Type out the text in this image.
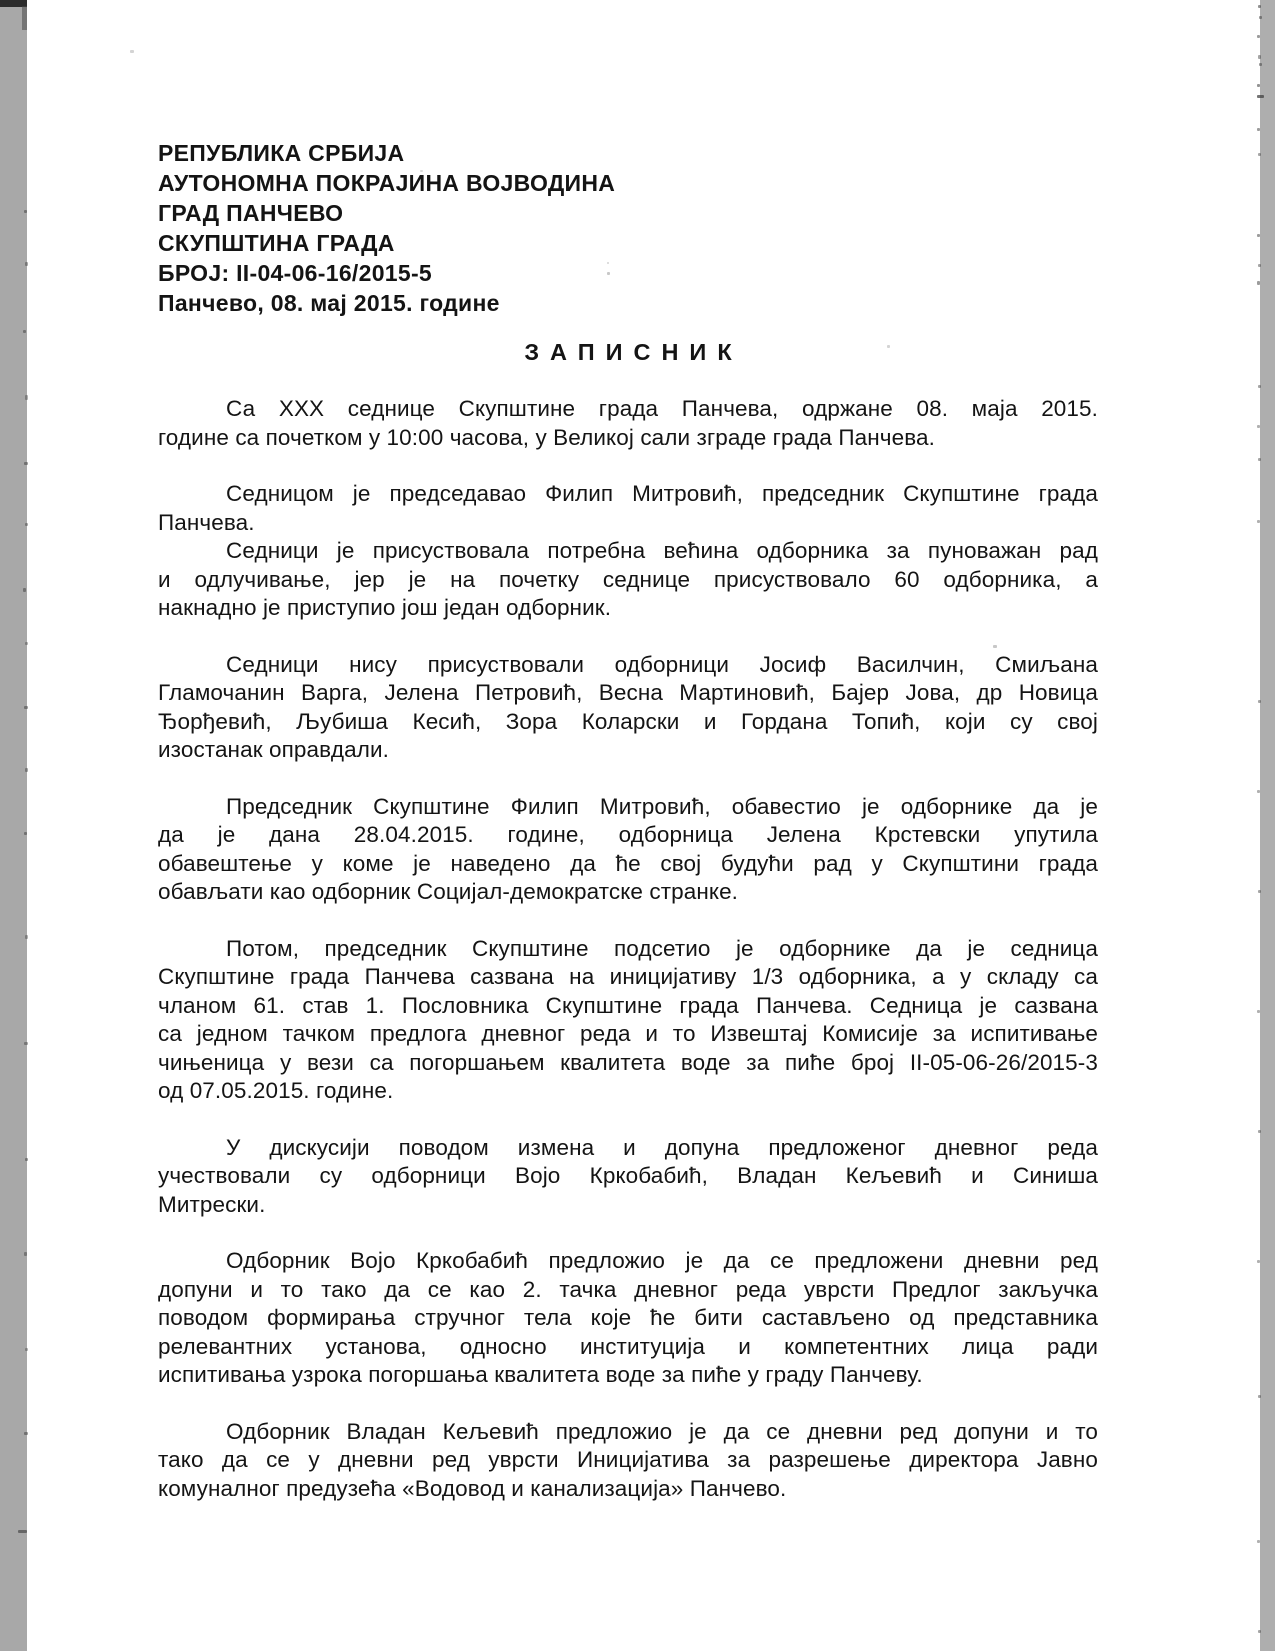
РЕПУБЛИКА СРБИЈА
АУТОНОМНА ПОКРАЈИНА ВОЈВОДИНА
ГРАД ПАНЧЕВО
СКУПШТИНА ГРАДА
БРОЈ: II-04-06-16/2015-5
Панчево, 08. мај 2015. године
ЗАПИСНИК
Са ХХХ седнице Скупштине града Панчева, одржане 08. маја 2015.
године са почетком у 10:00 часова, у Великој сали зграде града Панчева.
Седницом је председавао Филип Митровић, председник Скупштине града
Панчева.
Седници је присуствовала потребна већина одборника за пуноважан рад
и одлучивање, јер је на почетку седнице присуствовало 60 одборника, а
накнадно је приступио још један одборник.
Седници нису присуствовали одборници Јосиф Василчин, Смиљана
Гламочанин Варга, Јелена Петровић, Весна Мартиновић, Бајер Јова, др Новица
Ђорђевић, Љубиша Кесић, Зора Коларски и Гордана Топић, који су свој
изостанак оправдали.
Председник Скупштине Филип Митровић, обавестио је одборнике да је
да је дана 28.04.2015. године, одборница Јелена Крстевски упутила
обавештење у коме је наведено да ће свој будући рад у Скупштини града
обављати као одборник Социјал-демократске странке.
Потом, председник Скупштине подсетио је одборнике да је седница
Скупштине града Панчева сазвана на иницијативу 1/3 одборника, а у складу са
чланом 61. став 1. Пословника Скупштине града Панчева. Седница је сазвана
са једном тачком предлога дневног реда и то Извештај Комисије за испитивање
чињеница у вези са погоршањем квалитета воде за пиће број II-05-06-26/2015-3
од 07.05.2015. године.
У дискусији поводом измена и допуна предложеног дневног реда
учествовали су одборници Војо Кркобабић, Владан Кељевић и Синиша
Митрески.
Одборник Војо Кркобабић предложио је да се предложени дневни ред
допуни и то тако да се као 2. тачка дневног реда уврсти Предлог закључка
поводом формирања стручног тела које ће бити састављено од представника
релевантних установа, односно институција и компетентних лица ради
испитивања узрока погоршања квалитета воде за пиће у граду Панчеву.
Одборник Владан Кељевић предложио је да се дневни ред допуни и то
тако да се у дневни ред уврсти Иницијатива за разрешење директора Јавно
комуналног предузећа «Водовод и канализација» Панчево.
